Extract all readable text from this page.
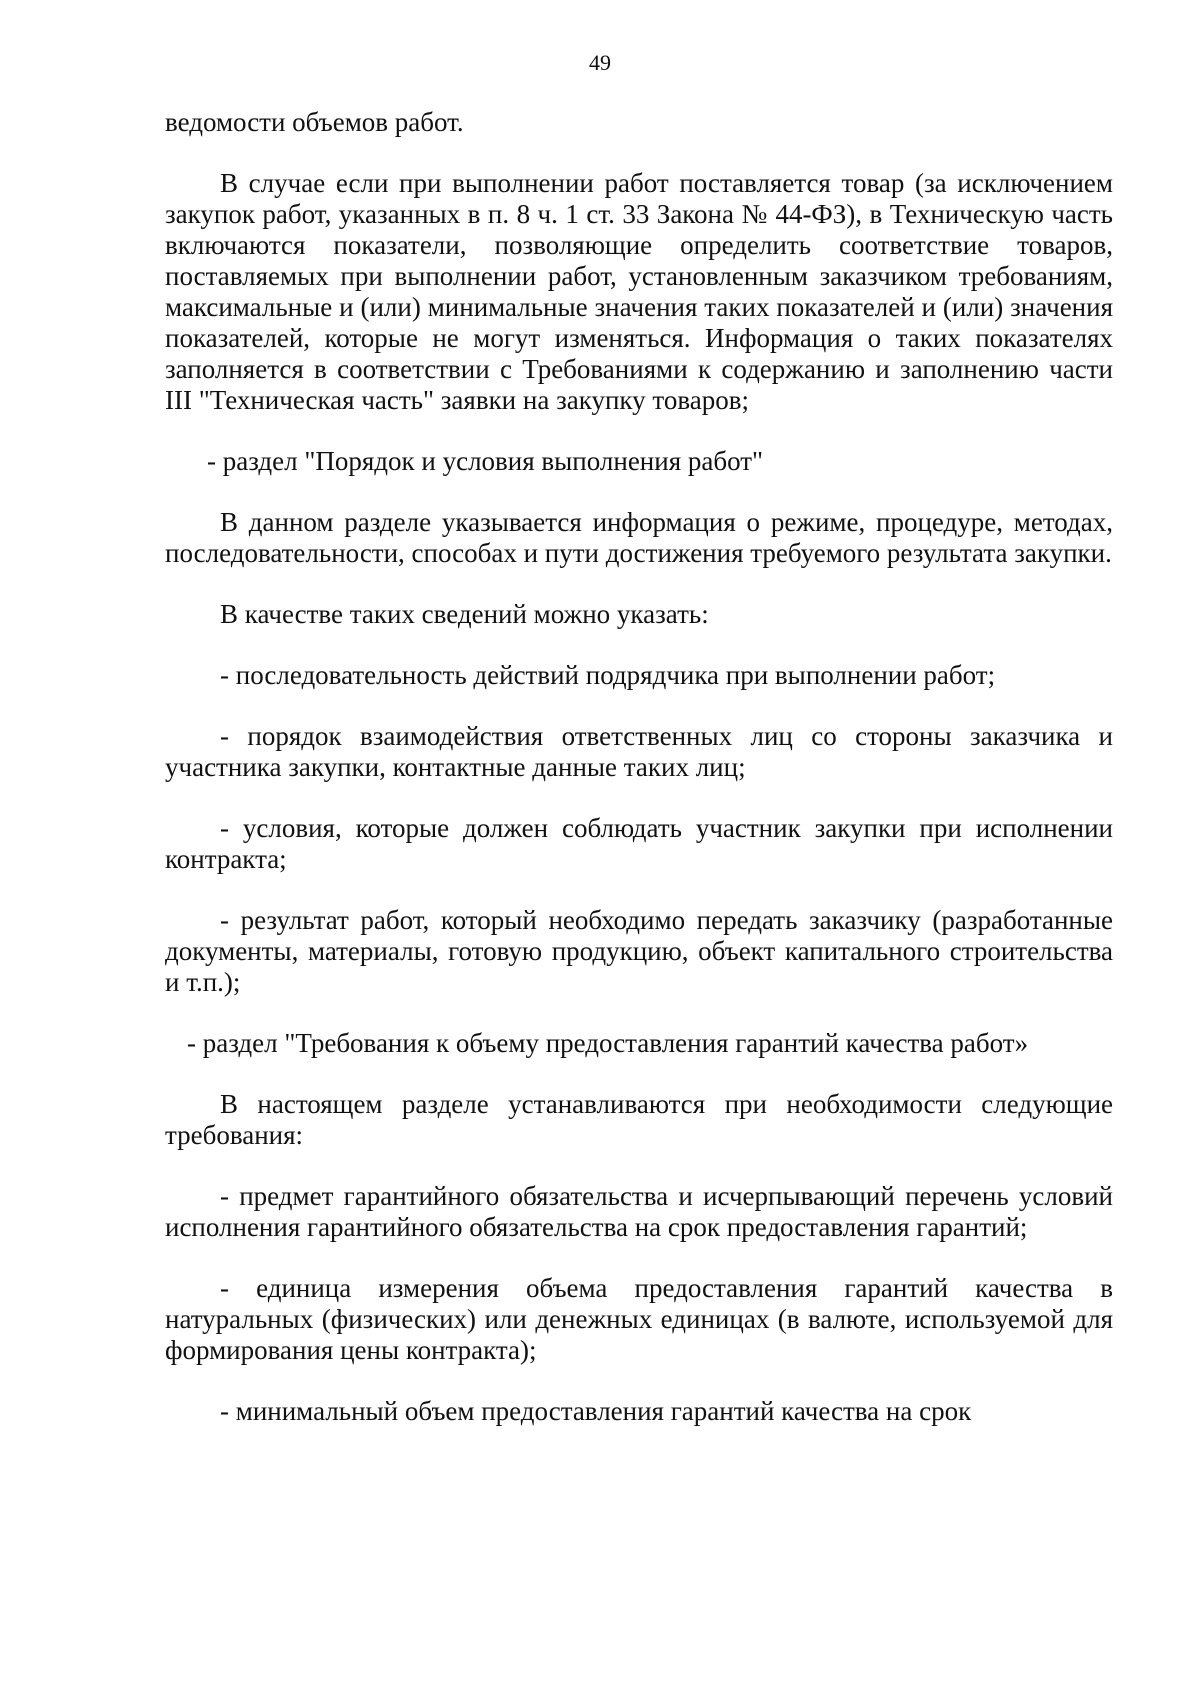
49

ведомости объемов работ.

В случае если при выполнении работ поставляется товар (за исключением закупок работ, указанных в п. 8 ч. 1 ст. 33 Закона № 44-ФЗ), в Техническую часть включаются показатели, позволяющие определить соответствие товаров, поставляемых при выполнении работ, установленным заказчиком требованиям, максимальные и (или) минимальные значения таких показателей и (или) значения показателей, которые не могут изменяться. Информация о таких показателях заполняется в соответствии с Требованиями к содержанию и заполнению части III "Техническая часть" заявки на закупку товаров;

- раздел "Порядок и условия выполнения работ"

В данном разделе указывается информация о режиме, процедуре, методах, последовательности, способах и пути достижения требуемого результата закупки.

В качестве таких сведений можно указать:

- последовательность действий подрядчика при выполнении работ;

- порядок взаимодействия ответственных лиц со стороны заказчика и участника закупки, контактные данные таких лиц;

- условия, которые должен соблюдать участник закупки при исполнении контракта;

- результат работ, который необходимо передать заказчику (разработанные документы, материалы, готовую продукцию, объект капитального строительства и т.п.);

- раздел "Требования к объему предоставления гарантий качества работ»

В настоящем разделе устанавливаются при необходимости следующие требования:

- предмет гарантийного обязательства и исчерпывающий перечень условий исполнения гарантийного обязательства на срок предоставления гарантий;

- единица измерения объема предоставления гарантий качества в натуральных (физических) или денежных единицах (в валюте, используемой для формирования цены контракта);

- минимальный объем предоставления гарантий качества на срок
